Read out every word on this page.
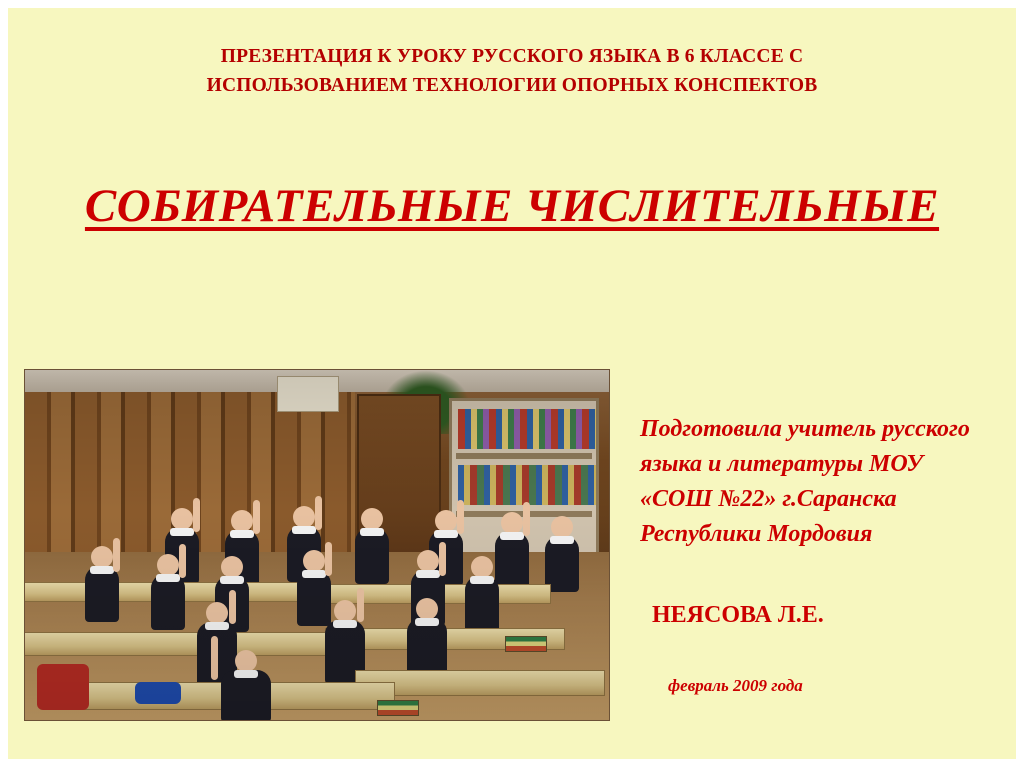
ПРЕЗЕНТАЦИЯ К УРОКУ РУССКОГО ЯЗЫКА В 6 КЛАССЕ С ИСПОЛЬЗОВАНИЕМ ТЕХНОЛОГИИ ОПОРНЫХ КОНСПЕКТОВ
СОБИРАТЕЛЬНЫЕ ЧИСЛИТЕЛЬНЫЕ
Подготовила учитель русского языка и литературы МОУ «СОШ №22» г.Саранска Республики Мордовия
НЕЯСОВА Л.Е.
февраль 2009 года
